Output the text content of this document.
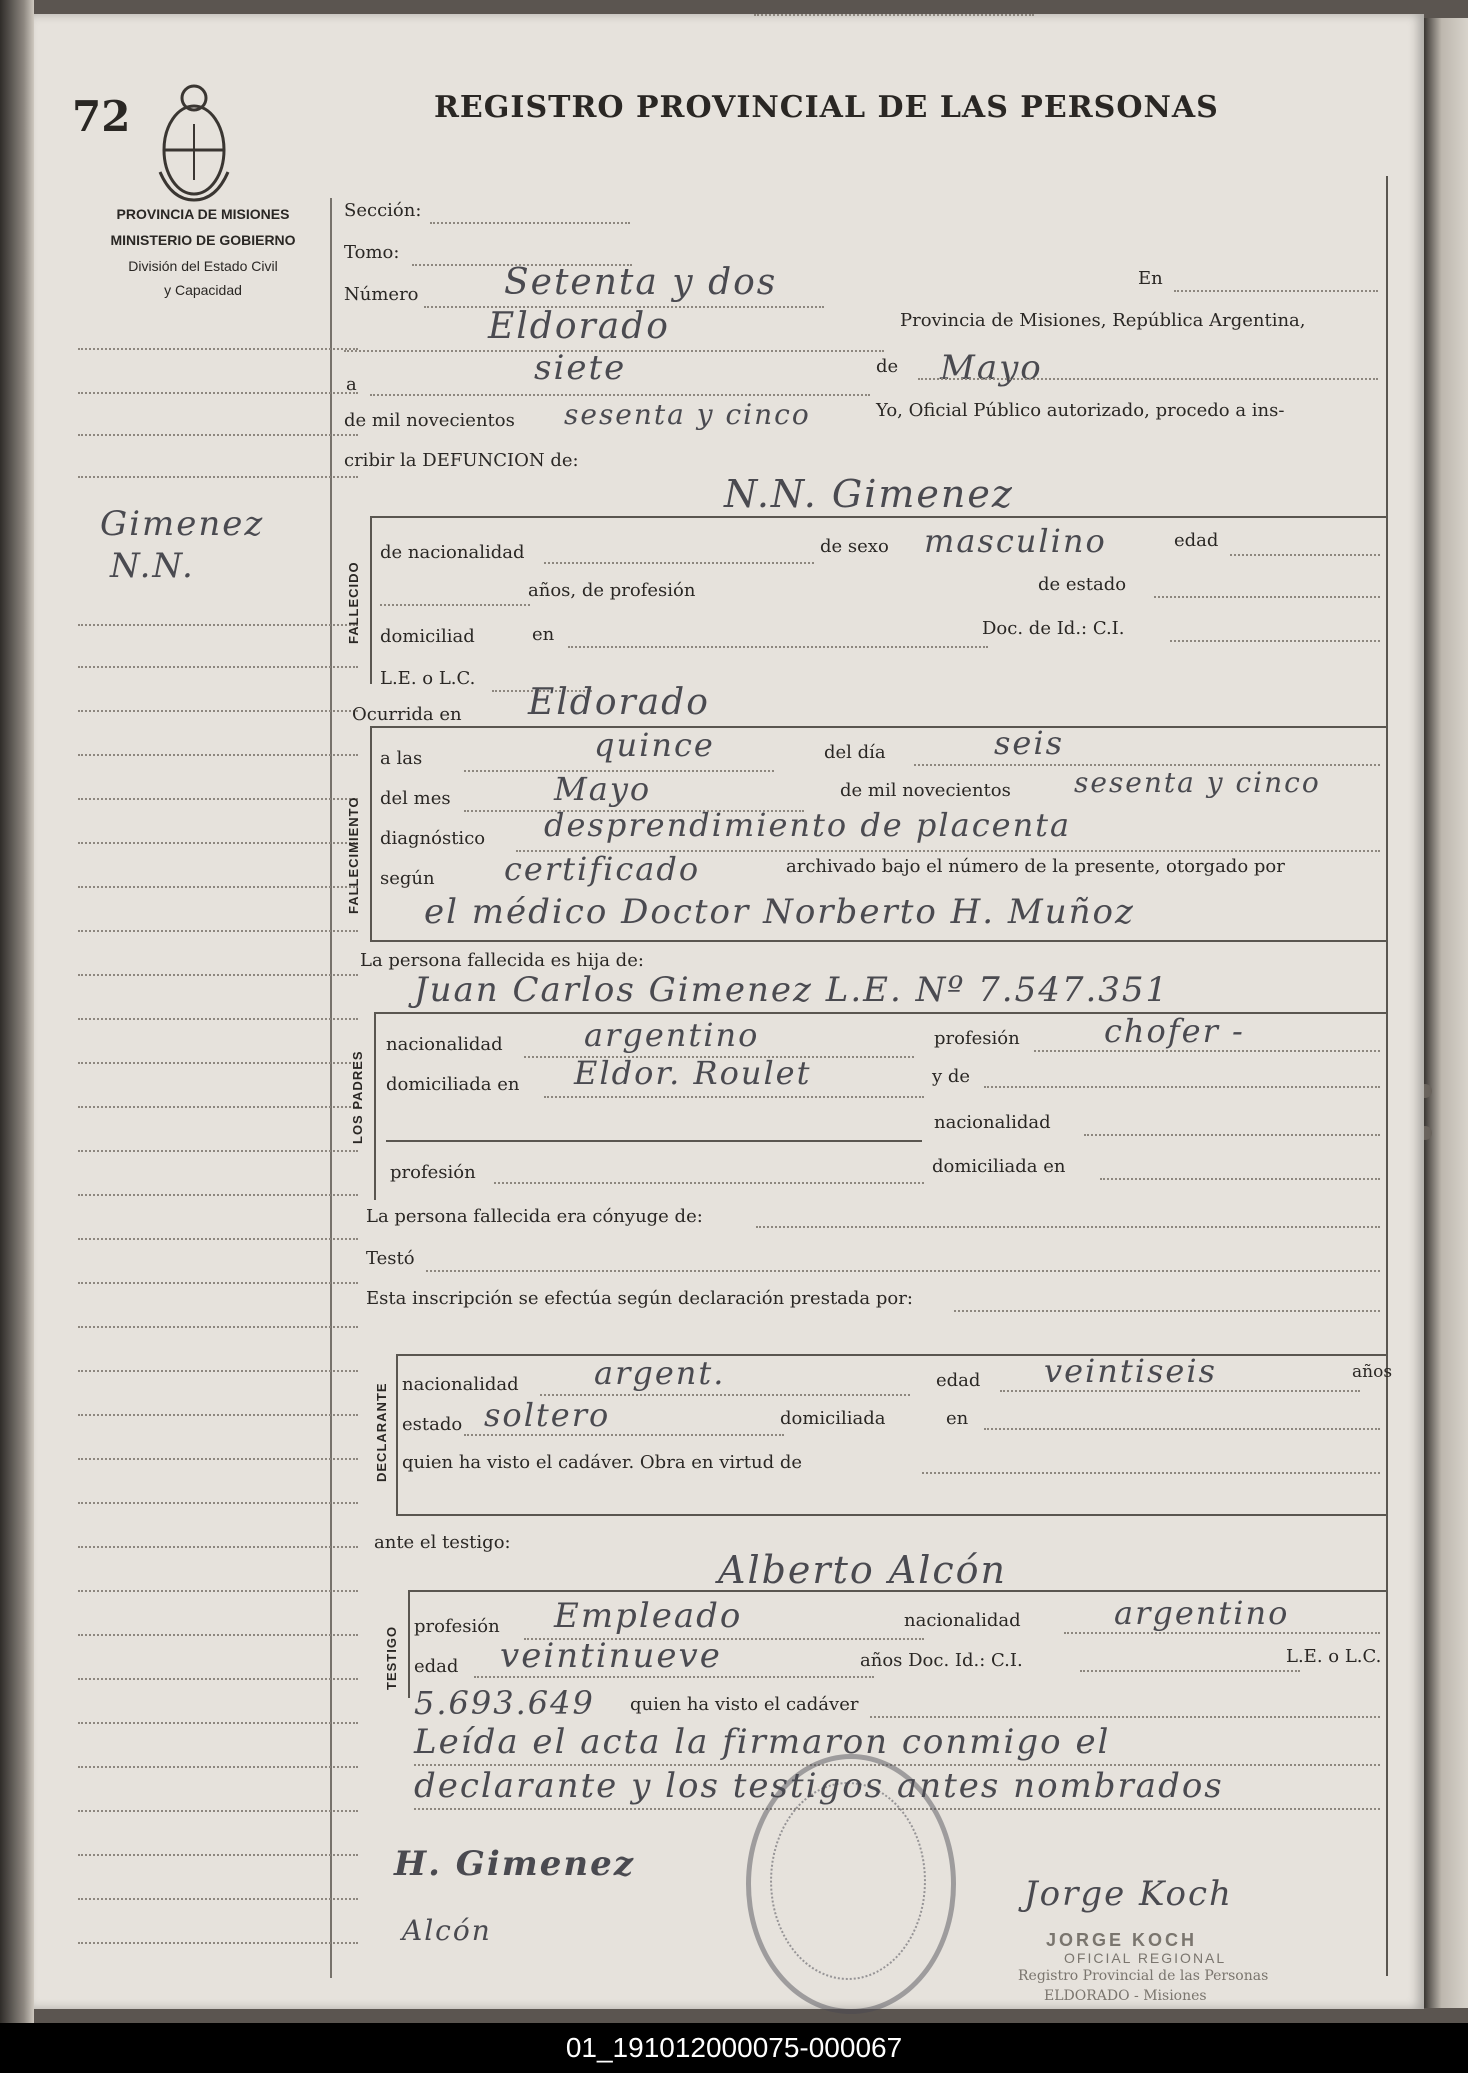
72	REGISTRO PROVINCIAL DE LAS PERSONAS
PROVINCIA DE MISIONES
MINISTERIO DE GOBIERNO
División del Estado Civil
y Capacidad
Gimenez
N.N.
Sección:
Tomo:
Número Setenta y dos	En
Eldorado	Provincia de Misiones, República Argentina,
a	siete	de Mayo
de mil novecientos sesenta y cinco	Yo, Oficial Público autorizado, procedo a ins-
cribir la DEFUNCION de:
N.N. Gimenez
FALLECIDO
de nacionalidad	de sexo masculino	edad
años, de profesión	de estado
domiciliad	en	Doc. de Id.: C.I.
L.E. o L.C.
Ocurrida en Eldorado
FALLECIMIENTO
a las	quince	del día	seis
del mes	Mayo	de mil novecientos sesenta y cinco
diagnóstico desprendimiento de placenta
según certificado	archivado bajo el número de la presente, otorgado por
el médico Doctor Norberto H. Muñoz
La persona fallecida es hija de:
Juan Carlos Gimenez L.E. Nº 7.547.351
LOS PADRES
nacionalidad	argentino	profesión	chofer -
domiciliada en Eldor. Roulet	y de
nacionalidad
profesión	domiciliada en
La persona fallecida era cónyuge de:
Testó
Esta inscripción se efectúa según declaración prestada por:
DECLARANTE nacionalidad argent.	edad veintiseis	años
estado soltero	domiciliada	en
quien ha visto el cadáver. Obra en virtud de
ante el testigo:
Alberto Alcón
TESTIGO profesión Empleado	nacionalidad	argentino
edad veintinueve	años Doc. Id.: C.I.	L.E. o L.C.
5.693.649 quien ha visto el cadáver
Leída el acta la firmaron conmigo el
declarante y los testigos antes nombrados
H. Gimenez
Alcón
Jorge Koch
JORGE KOCH
OFICIAL REGIONAL
Registro Provincial de las Personas
ELDORADO - Misiones
01_191012000075-000067
